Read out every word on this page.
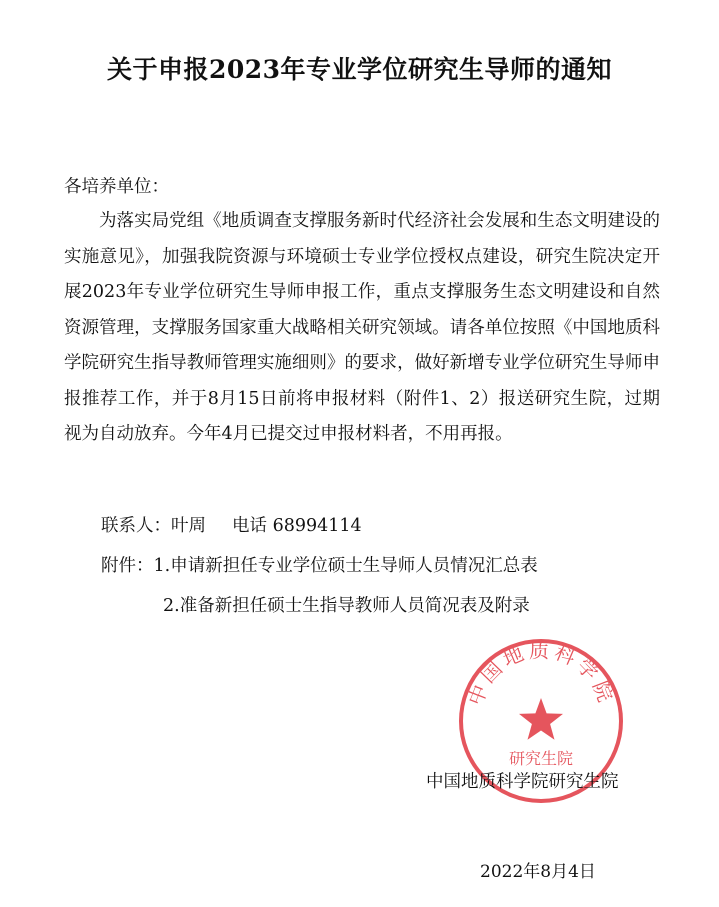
关于申报2023年专业学位研究生导师的通知
各培养单位：
为落实局党组《地质调查支撑服务新时代经济社会发展和生态文明建设的实施意见》，加强我院资源与环境硕士专业学位授权点建设，研究生院决定开展2023年专业学位研究生导师申报工作，重点支撑服务生态文明建设和自然资源管理，支撑服务国家重大战略相关研究领域。请各单位按照《中国地质科学院研究生指导教师管理实施细则》的要求，做好新增专业学位研究生导师申报推荐工作，并于8月15日前将申报材料（附件1、2）报送研究生院，过期视为自动放弃。今年4月已提交过申报材料者，不用再报。
联系人：叶周 电话 68994114
附件：1.申请新担任专业学位硕士生导师人员情况汇总表
2.准备新担任硕士生指导教师人员简况表及附录
中国地质科学院
研究生院
中国地质科学院研究生院
2022年8月4日
